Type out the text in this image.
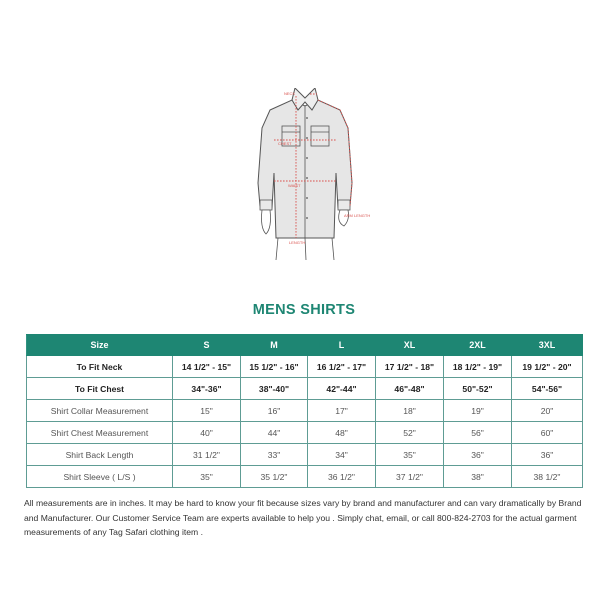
NECK
CHEST
WAIST
LENGTH
ARM LENGTH
MENS SHIRTS
Size	S	M	L	XL	2XL	3XL
To Fit Neck	14 1/2" - 15"	15 1/2" - 16"	16 1/2" - 17"	17 1/2" - 18"	18 1/2" - 19"	19 1/2" - 20"
To Fit Chest	34"-36"	38"-40"	42"-44"	46"-48"	50"-52"	54"-56"
Shirt Collar Measurement	15"	16"	17"	18"	19"	20"
Shirt Chest Measurement	40"	44"	48"	52"	56"	60"
Shirt Back Length	31 1/2"	33"	34"	35"	36"	36"
Shirt Sleeve ( L/S )	35"	35 1/2"	36 1/2"	37 1/2"	38"	38 1/2"
All measurements are in inches. It may be hard to know your fit because sizes vary by brand and manufacturer and can vary dramatically by Brand and Manufacturer. Our Customer Service Team are experts available to help you . Simply chat, email, or call 800-824-2703 for the actual garment measurements of any Tag Safari clothing item .
